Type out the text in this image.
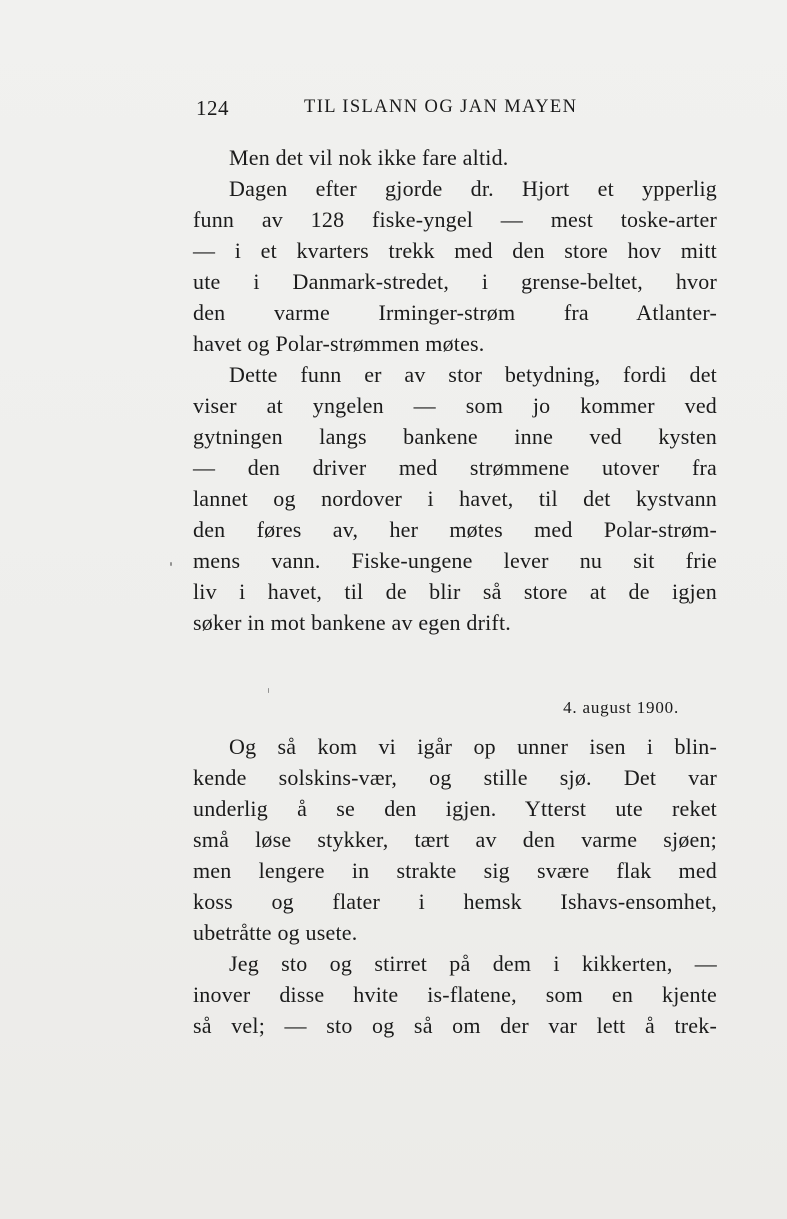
124	TIL ISLANN OG JAN MAYEN
Men det vil nok ikke fare altid.
Dagen efter gjorde dr. Hjort et ypperlig
funn av 128 fiske-yngel — mest toske-arter
— i et kvarters trekk med den store hov mitt
ute i Danmark-stredet, i grense-beltet, hvor
den varme Irminger-strøm fra Atlanter-
havet og Polar-strømmen møtes.
Dette funn er av stor betydning, fordi det
viser at yngelen — som jo kommer ved
gytningen langs bankene inne ved kysten
— den driver med strømmene utover fra
lannet og nordover i havet, til det kystvann
den føres av, her møtes med Polar-strøm-
mens vann. Fiske-ungene lever nu sit frie
liv i havet, til de blir så store at de igjen
søker in mot bankene av egen drift.
4. august 1900.
Og så kom vi igår op unner isen i blin-
kende solskins-vær, og stille sjø. Det var
underlig å se den igjen. Ytterst ute reket
små løse stykker, tært av den varme sjøen;
men lengere in strakte sig svære flak med
koss og flater i hemsk Ishavs-ensomhet,
ubetråtte og usete.
Jeg sto og stirret på dem i kikkerten, —
inover disse hvite is-flatene, som en kjente
så vel; — sto og så om der var lett å trek-
